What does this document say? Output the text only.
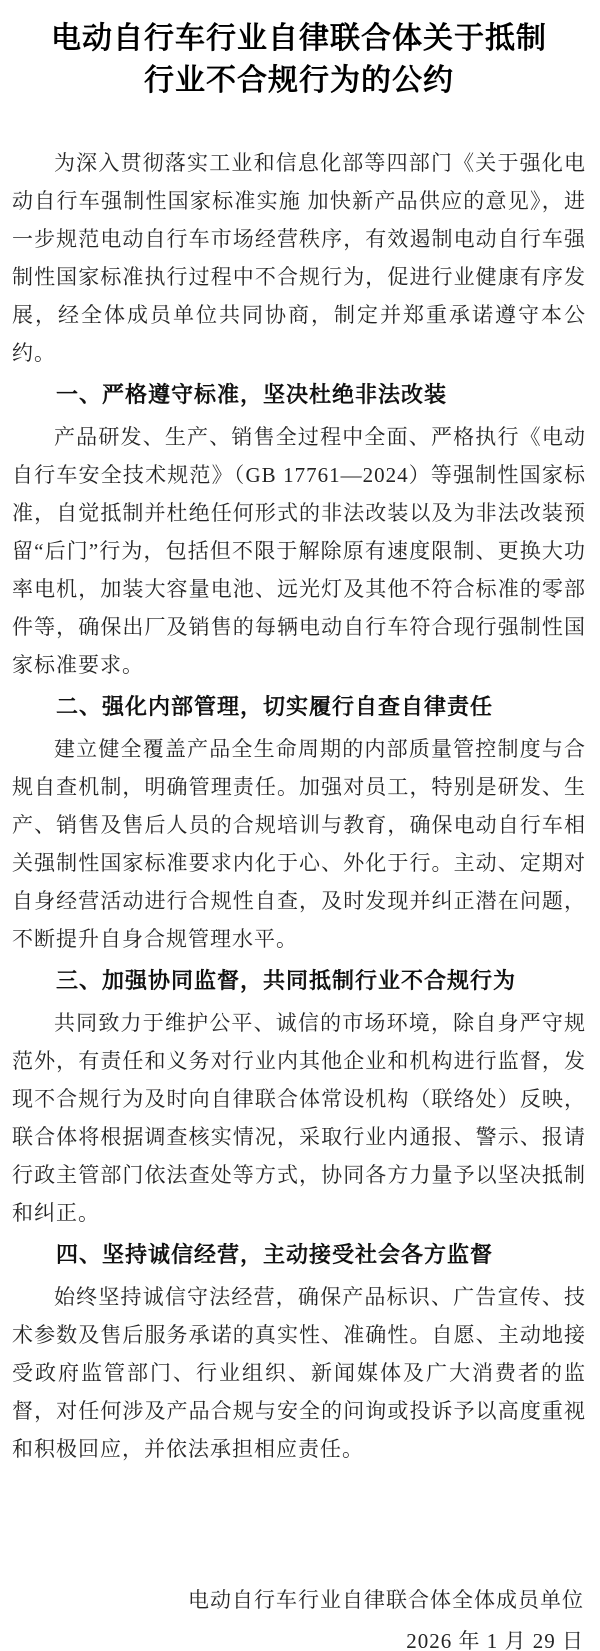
电动自行车行业自律联合体关于抵制
行业不合规行为的公约

为深入贯彻落实工业和信息化部等四部门《关于强化电动自行车强制性国家标准实施 加快新产品供应的意见》，进一步规范电动自行车市场经营秩序，有效遏制电动自行车强制性国家标准执行过程中不合规行为，促进行业健康有序发展，经全体成员单位共同协商，制定并郑重承诺遵守本公约。

一、严格遵守标准，坚决杜绝非法改装

产品研发、生产、销售全过程中全面、严格执行《电动自行车安全技术规范》（GB 17761—2024）等强制性国家标准，自觉抵制并杜绝任何形式的非法改装以及为非法改装预留“后门”行为，包括但不限于解除原有速度限制、更换大功率电机，加装大容量电池、远光灯及其他不符合标准的零部件等，确保出厂及销售的每辆电动自行车符合现行强制性国家标准要求。

二、强化内部管理，切实履行自查自律责任

建立健全覆盖产品全生命周期的内部质量管控制度与合规自查机制，明确管理责任。加强对员工，特别是研发、生产、销售及售后人员的合规培训与教育，确保电动自行车相关强制性国家标准要求内化于心、外化于行。主动、定期对自身经营活动进行合规性自查，及时发现并纠正潜在问题，不断提升自身合规管理水平。

三、加强协同监督，共同抵制行业不合规行为

共同致力于维护公平、诚信的市场环境，除自身严守规范外，有责任和义务对行业内其他企业和机构进行监督，发现不合规行为及时向自律联合体常设机构（联络处）反映，联合体将根据调查核实情况，采取行业内通报、警示、报请行政主管部门依法查处等方式，协同各方力量予以坚决抵制和纠正。

四、坚持诚信经营，主动接受社会各方监督

始终坚持诚信守法经营，确保产品标识、广告宣传、技术参数及售后服务承诺的真实性、准确性。自愿、主动地接受政府监管部门、行业组织、新闻媒体及广大消费者的监督，对任何涉及产品合规与安全的问询或投诉予以高度重视和积极回应，并依法承担相应责任。

电动自行车行业自律联合体全体成员单位
2026 年 1 月 29 日
